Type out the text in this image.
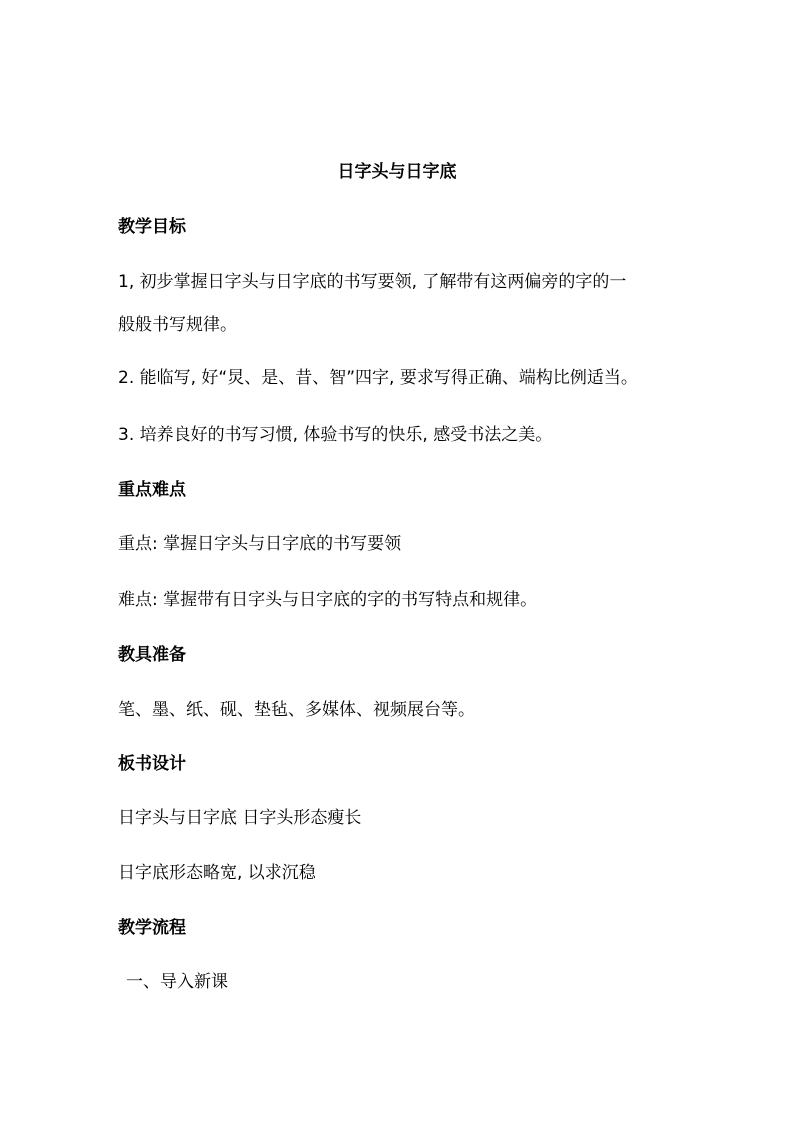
日字头与日字底
教学目标
1, 初步掌握日字头与日字底的书写要领, 了解带有这两偏旁的字的一
般般书写规律。
2. 能临写, 好“炅、是、昔、智”四字, 要求写得正确、端构比例适当。
3. 培养良好的书写习惯, 体验书写的快乐, 感受书法之美。
重点难点
重点: 掌握日字头与日字底的书写要领
难点: 掌握带有日字头与日字底的字的书写特点和规律。
教具准备
笔、墨、纸、砚、垫毡、多媒体、视频展台等。
板书设计
日字头与日字底 日字头形态瘦长
日字底形态略宽, 以求沉稳
教学流程
一、导入新课
